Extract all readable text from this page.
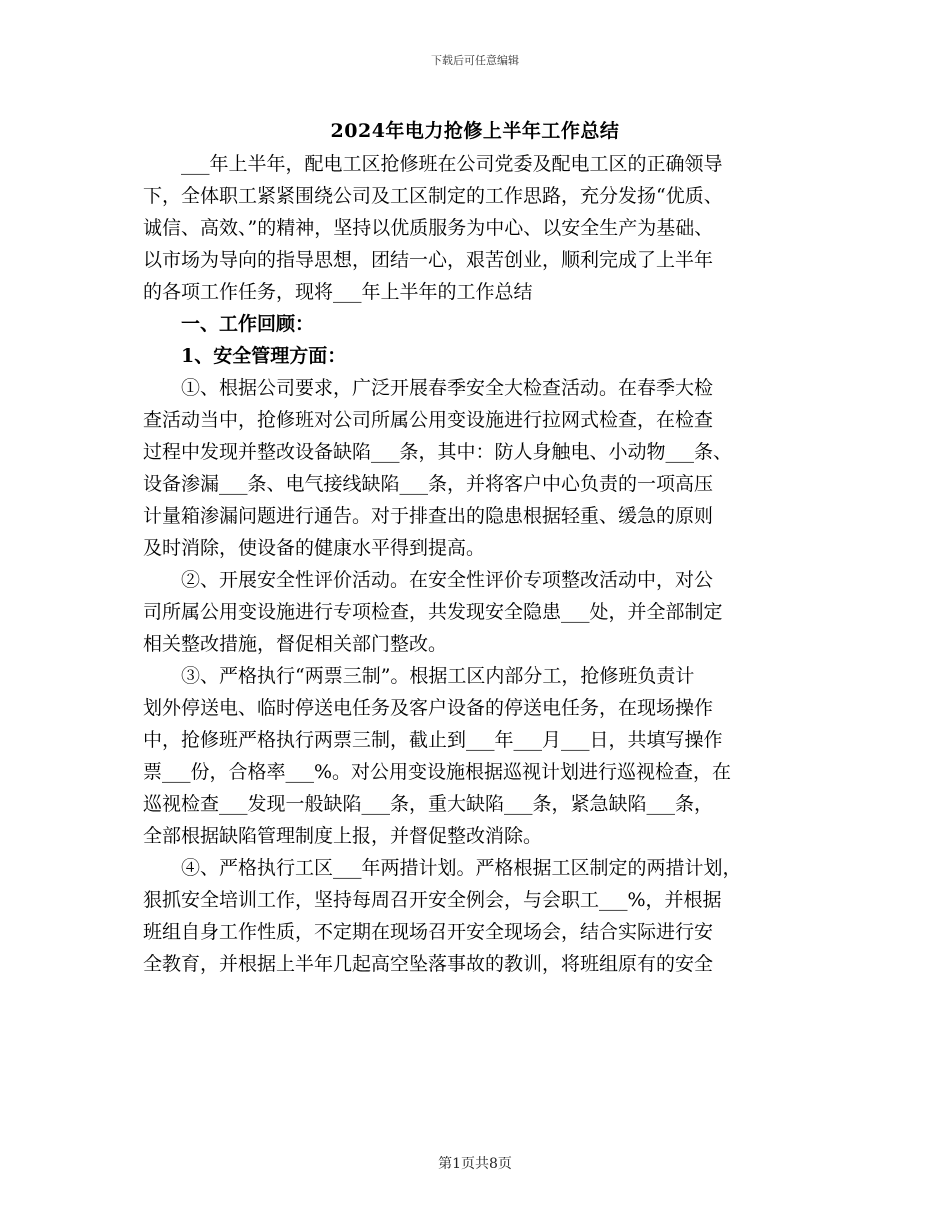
下载后可任意编辑
2024年电力抢修上半年工作总结
___年上半年，配电工区抢修班在公司党委及配电工区的正确领导
下，全体职工紧紧围绕公司及工区制定的工作思路，充分发扬“优质、
诚信、高效、”的精神，坚持以优质服务为中心、以安全生产为基础、
以市场为导向的指导思想，团结一心，艰苦创业，顺利完成了上半年
的各项工作任务，现将___年上半年的工作总结
一、工作回顾：
1、安全管理方面：
①、根据公司要求，广泛开展春季安全大检查活动。在春季大检
查活动当中，抢修班对公司所属公用变设施进行拉网式检查，在检查
过程中发现并整改设备缺陷___条，其中：防人身触电、小动物___条、
设备渗漏___条、电气接线缺陷___条，并将客户中心负责的一项高压
计量箱渗漏问题进行通告。对于排查出的隐患根据轻重、缓急的原则
及时消除，使设备的健康水平得到提高。
②、开展安全性评价活动。在安全性评价专项整改活动中，对公
司所属公用变设施进行专项检查，共发现安全隐患___处，并全部制定
相关整改措施，督促相关部门整改。
③、严格执行“两票三制”。根据工区内部分工，抢修班负责计
划外停送电、临时停送电任务及客户设备的停送电任务，在现场操作
中，抢修班严格执行两票三制，截止到___年___月___日，共填写操作
票___份，合格率___%。对公用变设施根据巡视计划进行巡视检查，在
巡视检查___发现一般缺陷___条，重大缺陷___条，紧急缺陷___条，
全部根据缺陷管理制度上报，并督促整改消除。
④、严格执行工区___年两措计划。严格根据工区制定的两措计划，
狠抓安全培训工作，坚持每周召开安全例会，与会职工___%，并根据
班组自身工作性质，不定期在现场召开安全现场会，结合实际进行安
全教育，并根据上半年几起高空坠落事故的教训，将班组原有的安全
第1页共8页
